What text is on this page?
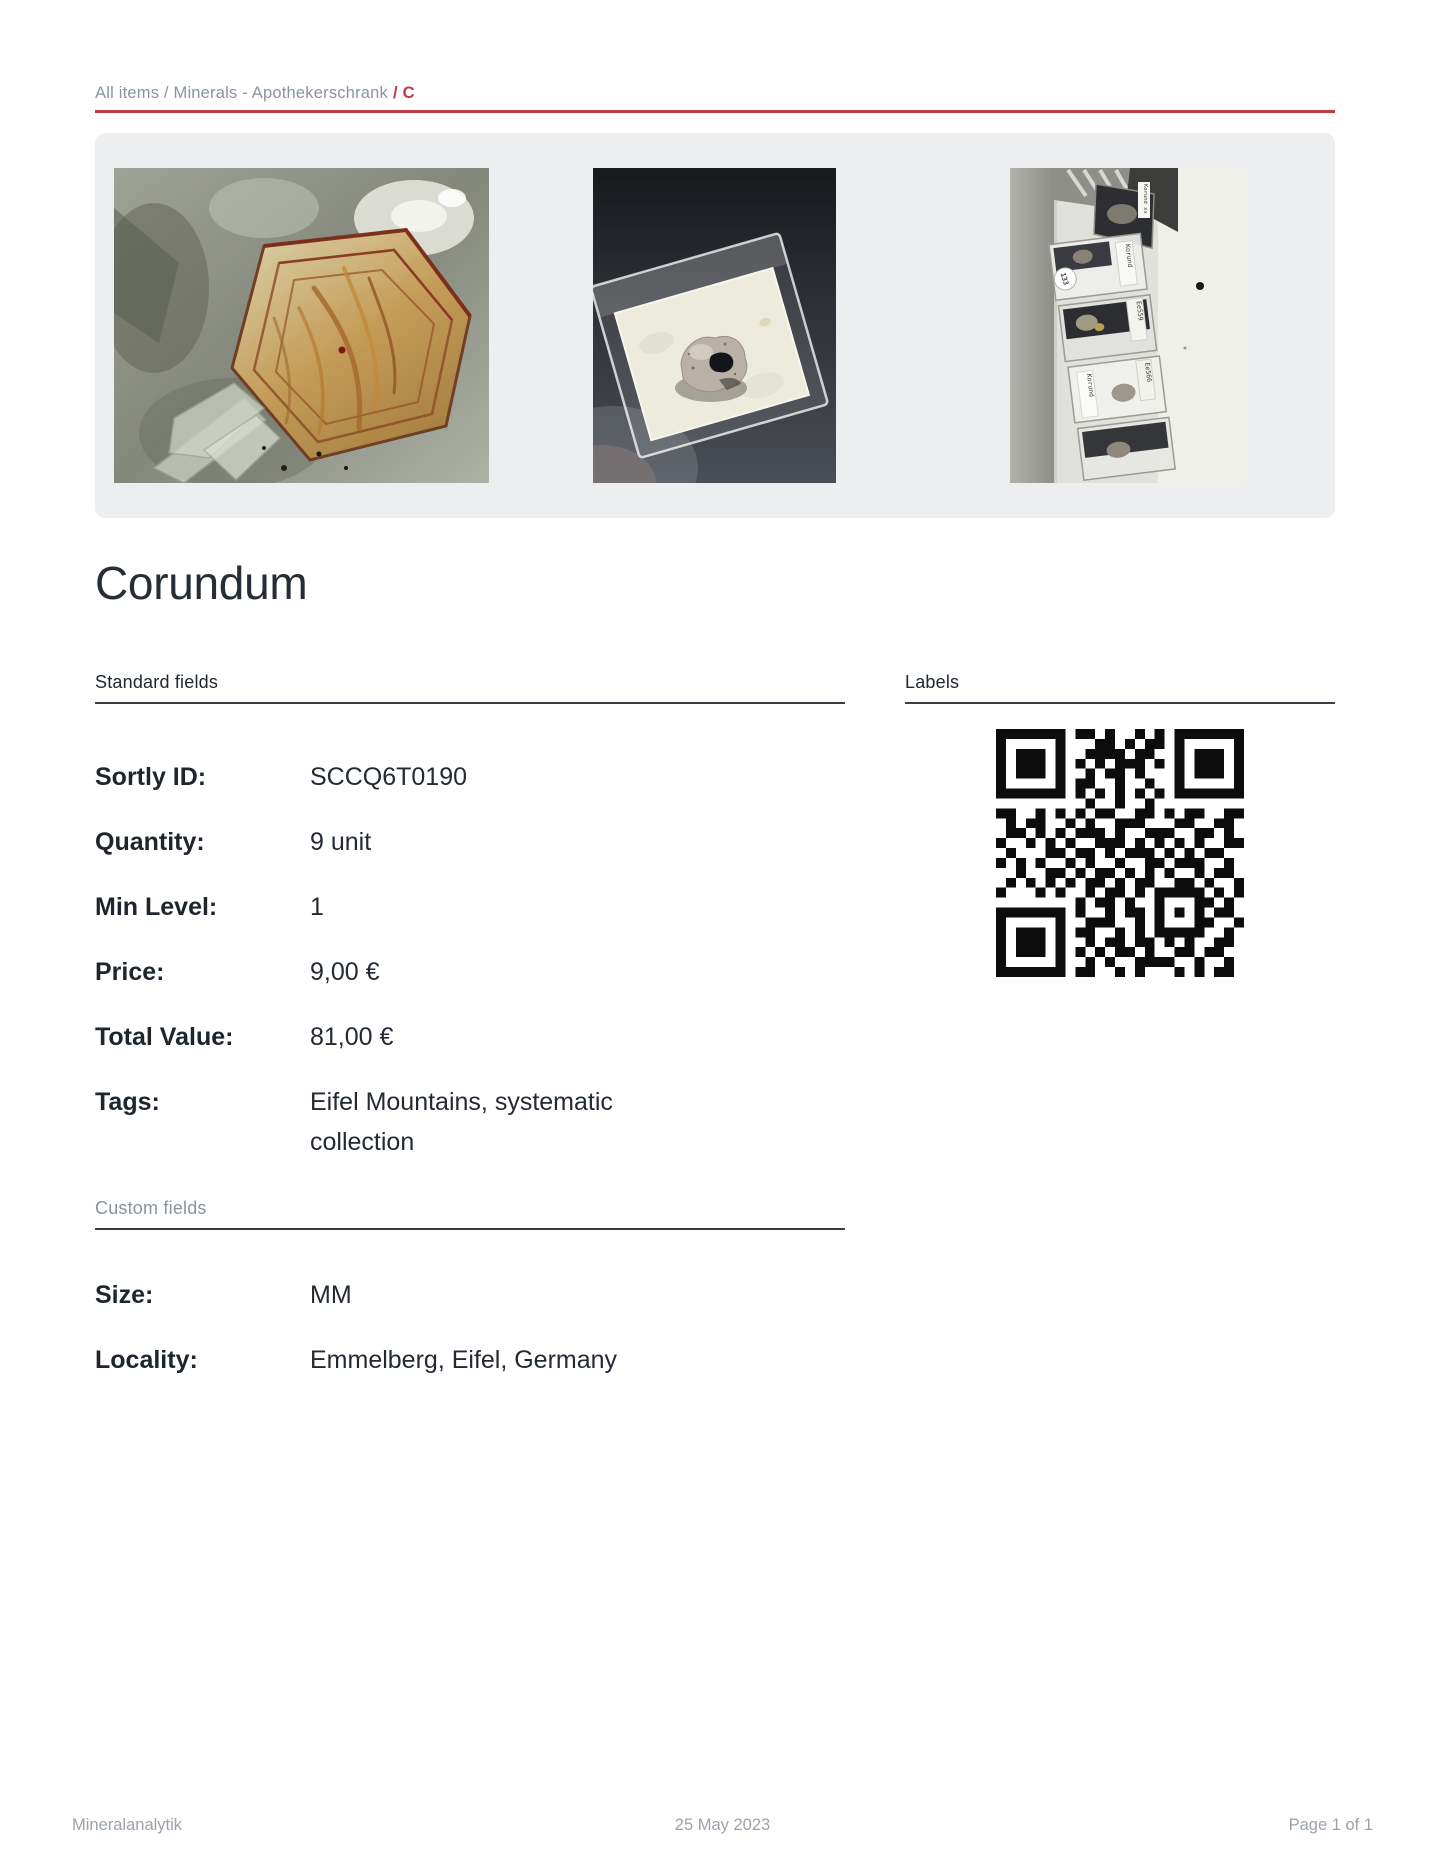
All items / Minerals - Apothekerschrank / C
Korund xx
133
Korund
Ee559
Korund
Ee566
Corundum
Standard fields
Sortly ID:	SCCQ6T0190
Quantity:	9 unit
Min Level:	1
Price:	9,00 €
Total Value:	81,00 €
Tags:	Eifel Mountains, systematic collection
Custom fields
Size:	MM
Locality:	Emmelberg, Eifel, Germany
Labels
Mineralanalytik	25 May 2023	Page 1 of 1
